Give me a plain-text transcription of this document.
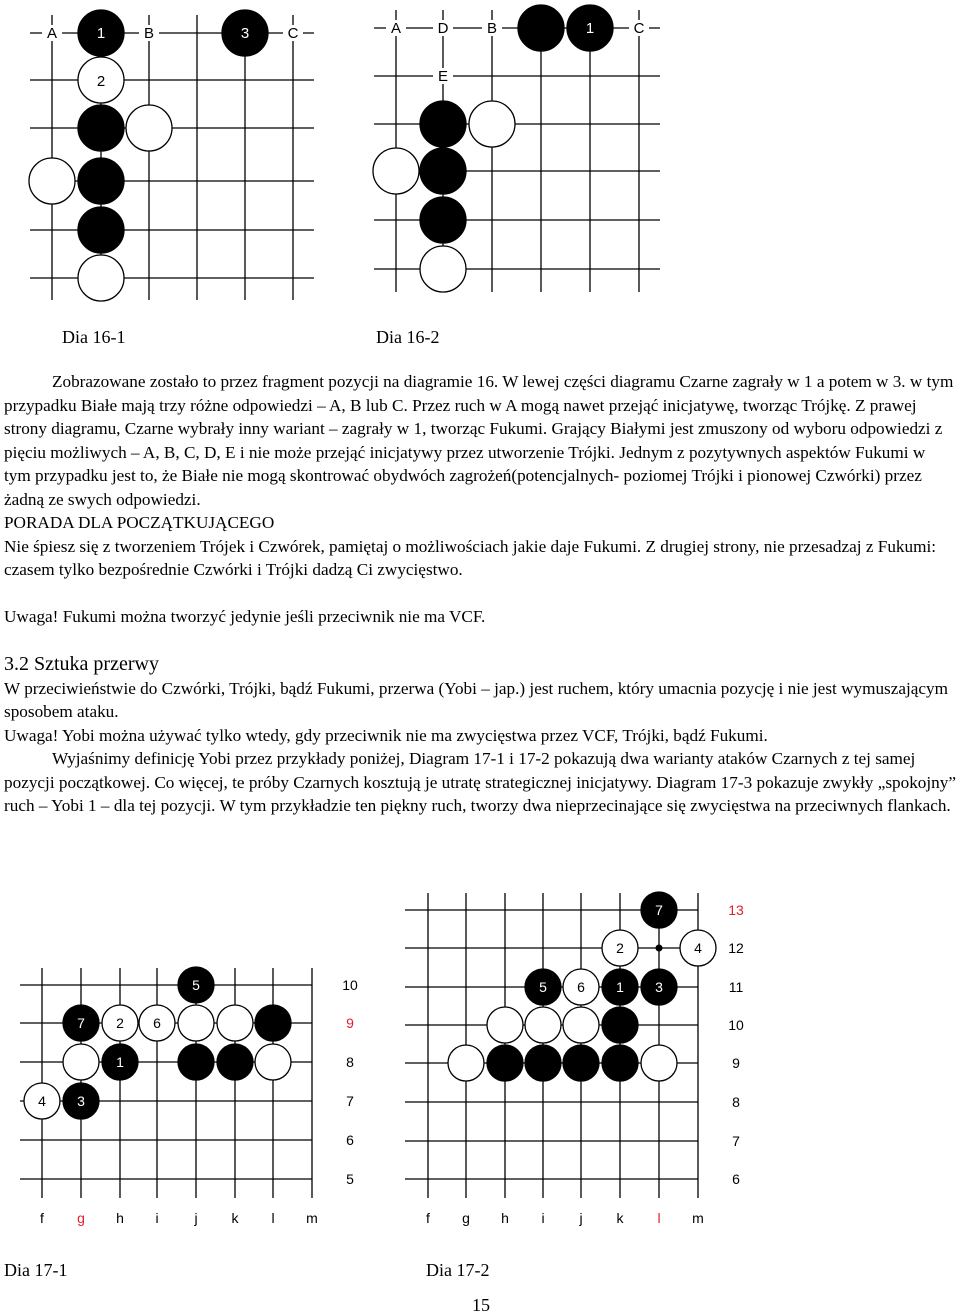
A	1	B	3	C
2
A D	B	1	C
E
5
7 2 6
1
4 3
10
9
8
7
6
5
f g h i	j k l m
7
2	4
5 6 1 3
13
12
11
10
9
8
7
6
f g h i j k l m
Dia 16-1	Dia 16-2

Zobrazowane zostało to przez fragment pozycji na diagramie 16. W lewej części diagramu Czarne zagrały w 1 a potem w 3. w tym przypadku Białe mają trzy różne odpowiedzi – A, B lub C. Przez ruch w A mogą nawet przejąć inicjatywę, tworząc Trójkę. Z prawej strony diagramu, Czarne wybrały inny wariant – zagrały w 1, tworząc Fukumi. Grający Białymi jest zmuszony od wyboru odpowiedzi z pięciu możliwych – A, B, C, D, E i nie może przejąć inicjatywy przez utworzenie Trójki. Jednym z pozytywnych aspektów Fukumi w tym przypadku jest to, że Białe nie mogą skontrować obydwóch zagrożeń(potencjalnych- poziomej Trójki i pionowej Czwórki) przez żadną ze swych odpowiedzi.

PORADA DLA POCZĄTKUJĄCEGO

Nie śpiesz się z tworzeniem Trójek i Czwórek, pamiętaj o możliwościach jakie daje Fukumi. Z drugiej strony, nie przesadzaj z Fukumi: czasem tylko bezpośrednie Czwórki i Trójki dadzą Ci zwycięstwo.

Uwaga! Fukumi można tworzyć jedynie jeśli przeciwnik nie ma VCF.

3.2 Sztuka przerwy

W przeciwieństwie do Czwórki, Trójki, bądź Fukumi, przerwa (Yobi – jap.) jest ruchem, który umacnia pozycję i nie jest wymuszającym sposobem ataku.

Uwaga! Yobi można używać tylko wtedy, gdy przeciwnik nie ma zwycięstwa przez VCF, Trójki, bądź Fukumi.

Wyjaśnimy definicję Yobi przez przykłady poniżej, Diagram 17-1 i 17-2 pokazują dwa warianty ataków Czarnych z tej samej pozycji początkowej. Co więcej, te próby Czarnych kosztują je utratę strategicznej inicjatywy. Diagram 17-3 pokazuje zwykły „spokojny” ruch – Yobi 1 – dla tej pozycji. W tym przykładzie ten piękny ruch, tworzy dwa nieprzecinające się zwycięstwa na przeciwnych flankach.

Dia 17-1	Dia 17-2
15
